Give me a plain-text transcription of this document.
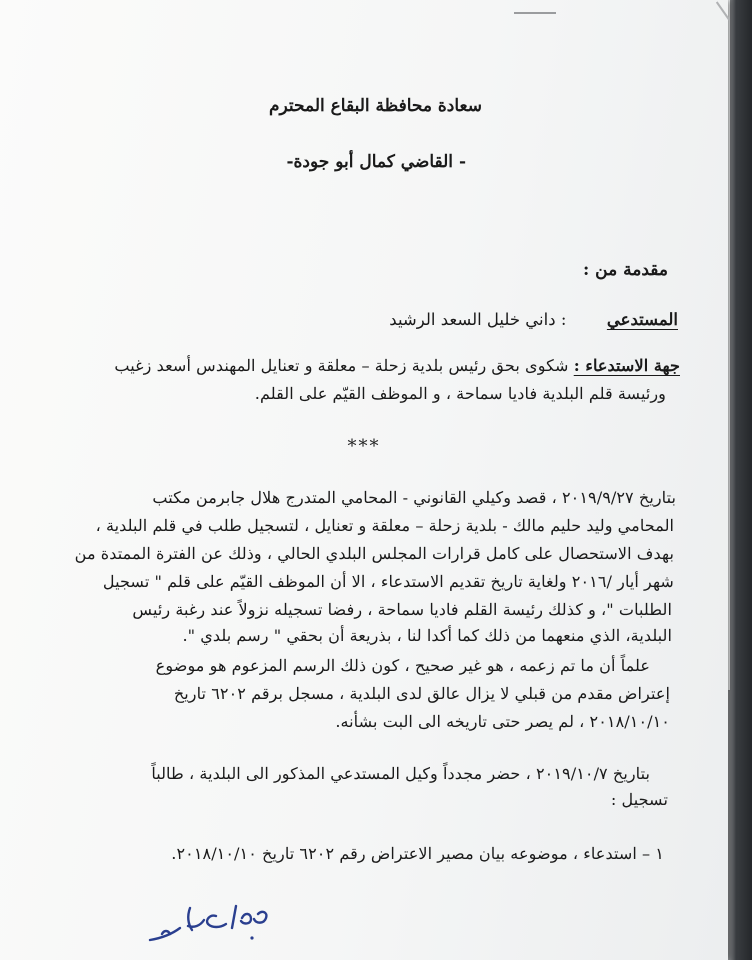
سعادة محافظة البقاع المحترم
- القاضي كمال أبو جودة-
مقدمة من :
المستدعي  : داني خليل السعد الرشيد
جهة الاستدعاء : شكوى بحق رئيس بلدية زحلة – معلقة و تعنايل المهندس أسعد زغيب
ورئيسة قلم البلدية فاديا سماحة ، و الموظف القيّم على القلم.
***
بتاريخ ٢٠١٩/٩/٢٧ ، قصد وكيلي القانوني - المحامي المتدرج هلال جابرمن مكتب
المحامي وليد حليم مالك - بلدية زحلة – معلقة و تعنايل ، لتسجيل طلب في قلم البلدية ،
بهدف الاستحصال على كامل قرارات المجلس البلدي الحالي ، وذلك عن الفترة الممتدة من
شهر أيار /٢٠١٦ ولغاية تاريخ تقديم الاستدعاء ، الا أن الموظف القيّم على قلم " تسجيل
الطلبات "، و كذلك رئيسة القلم فاديا سماحة ، رفضا تسجيله نزولاً عند رغبة رئيس
البلدية، الذي منعهما من ذلك كما أكدا لنا ، بذريعة أن بحقي " رسم بلدي ".
علماً أن ما تم زعمه ، هو غير صحيح ، كون ذلك الرسم المزعوم هو موضوع
إعتراض مقدم من قبلي لا يزال عالق لدى البلدية ، مسجل برقم ٦٢٠٢ تاريخ
٢٠١٨/١٠/١٠ ، لم يصر حتى تاريخه الى البت بشأنه.
بتاريخ ٢٠١٩/١٠/٧ ، حضر مجدداً وكيل المستدعي المذكور الى البلدية ، طالباً
تسجيل :
١ – استدعاء ، موضوعه بيان مصير الاعتراض رقم ٦٢٠٢ تاريخ ٢٠١٨/١٠/١٠.
